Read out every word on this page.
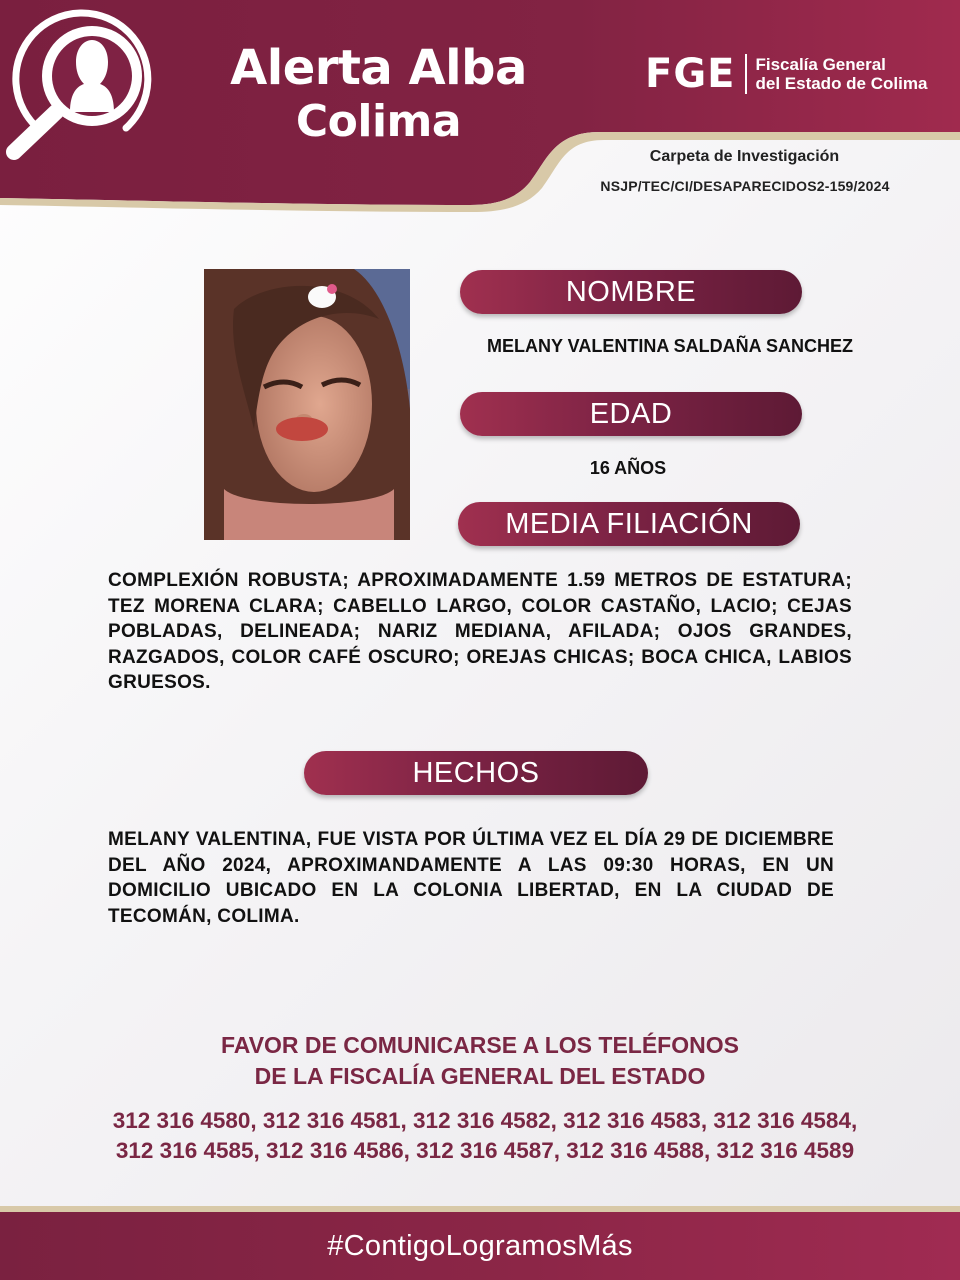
Alerta Alba
Colima
FGE	Fiscalía General
del Estado de Colima
Carpeta de Investigación
NSJP/TEC/CI/DESAPARECIDOS2-159/2024
NOMBRE
MELANY VALENTINA SALDAÑA SANCHEZ
EDAD
16 AÑOS
MEDIA FILIACIÓN
COMPLEXIÓN ROBUSTA; APROXIMADAMENTE 1.59 METROS DE ESTATURA; TEZ MORENA CLARA; CABELLO LARGO, COLOR CASTAÑO, LACIO; CEJAS POBLADAS, DELINEADA; NARIZ MEDIANA, AFILADA; OJOS GRANDES, RAZGADOS, COLOR CAFÉ OSCURO; OREJAS CHICAS; BOCA CHICA, LABIOS GRUESOS.
HECHOS
MELANY VALENTINA, FUE VISTA POR ÚLTIMA VEZ EL DÍA 29 DE DICIEMBRE DEL AÑO 2024, APROXIMANDAMENTE A LAS 09:30 HORAS, EN UN DOMICILIO UBICADO EN LA COLONIA LIBERTAD, EN LA CIUDAD DE TECOMÁN, COLIMA.
FAVOR DE COMUNICARSE A LOS TELÉFONOS
DE LA FISCALÍA GENERAL DEL ESTADO
312 316 4580, 312 316 4581, 312 316 4582, 312 316 4583, 312 316 4584, 312 316 4585, 312 316 4586, 312 316 4587, 312 316 4588, 312 316 4589
#ContigoLogramosMás
